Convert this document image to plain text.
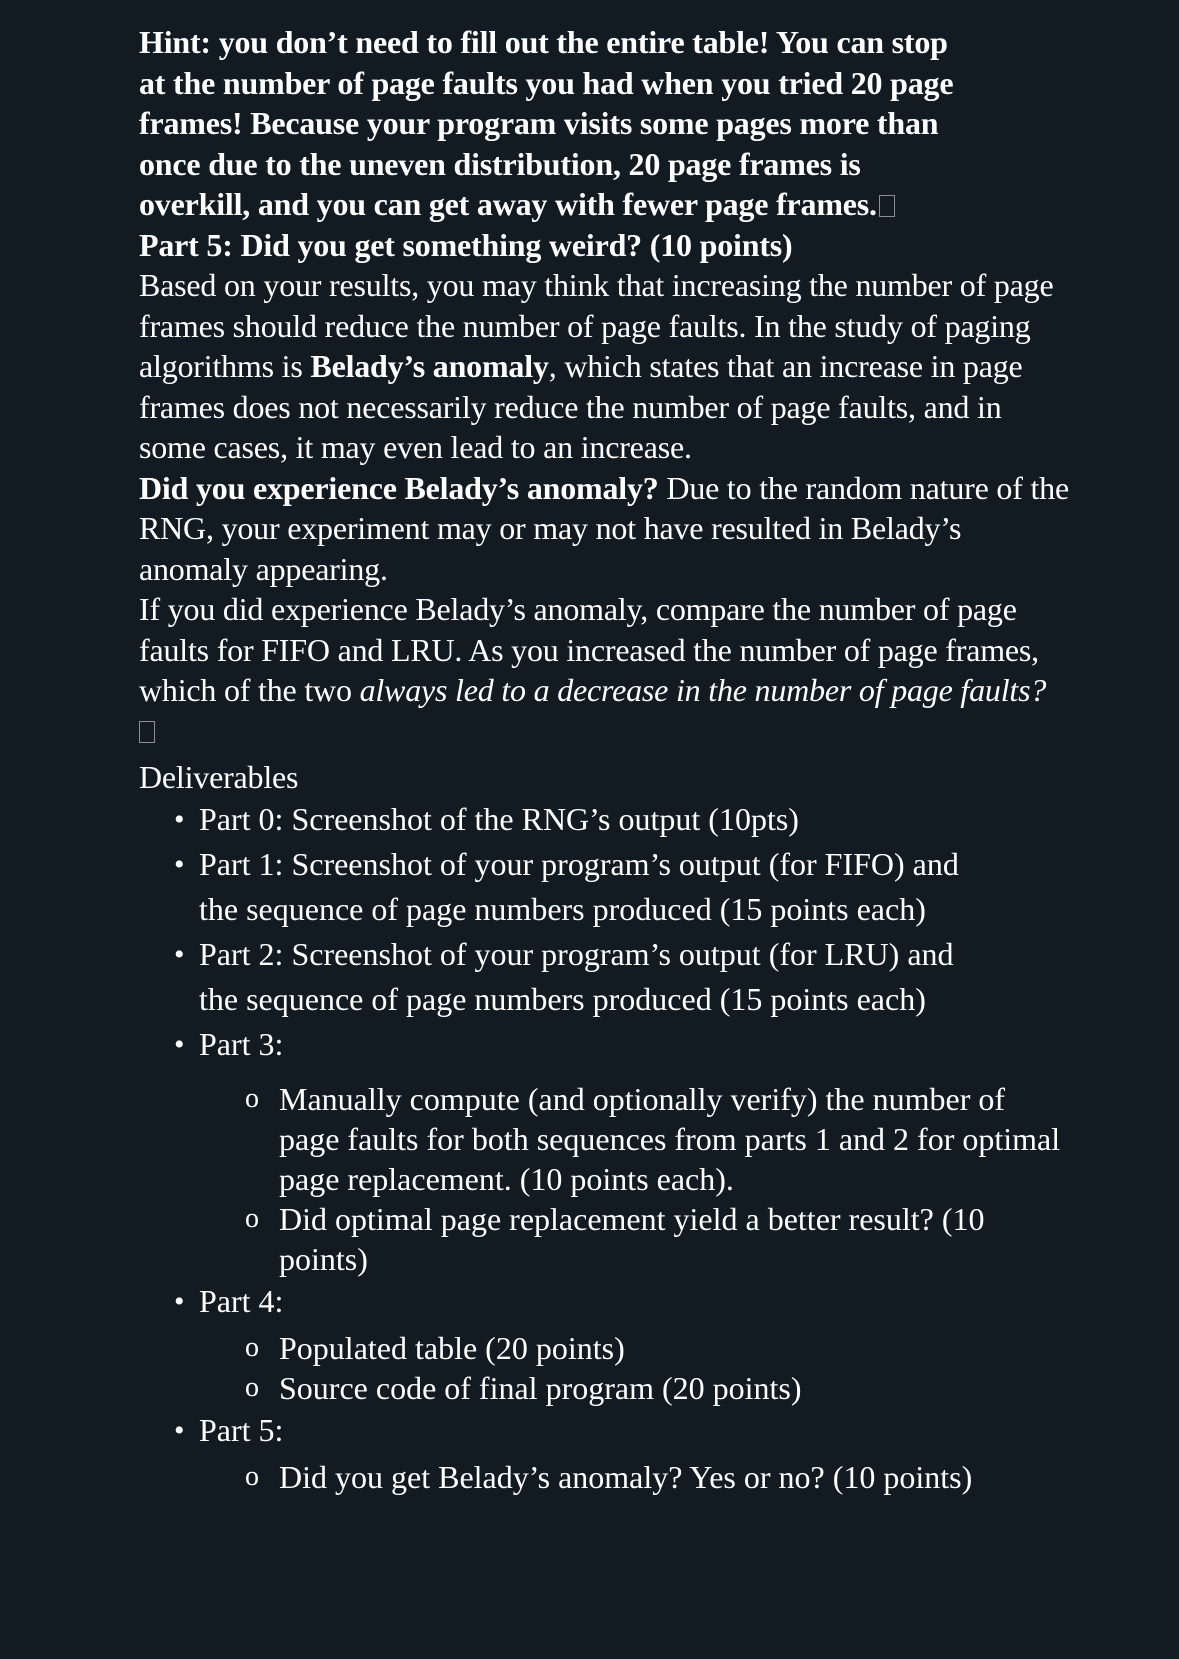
Hint: you don’t need to fill out the entire table! You can stop

at the number of page faults you had when you tried 20 page

frames! Because your program visits some pages more than

once due to the uneven distribution, 20 page frames is

overkill, and you can get away with fewer page frames.

Part 5: Did you get something weird? (10 points)

Based on your results, you may think that increasing the number of page frames should reduce the number of page faults. In the study of paging algorithms is Belady’s anomaly, which states that an increase in page frames does not necessarily reduce the number of page faults, and in some cases, it may even lead to an increase.

Did you experience Belady’s anomaly? Due to the random nature of the RNG, your experiment may or may not have resulted in Belady’s anomaly appearing.

If you did experience Belady’s anomaly, compare the number of page faults for FIFO and LRU. As you increased the number of page frames, which of the two always led to a decrease in the number of page faults?

Deliverables

• Part 0: Screenshot of the RNG’s output (10pts)
• Part 1: Screenshot of your program’s output (for FIFO) and
the sequence of page numbers produced (15 points each)
• Part 2: Screenshot of your program’s output (for LRU) and
the sequence of page numbers produced (15 points each)
• Part 3:
o Manually compute (and optionally verify) the number of page faults for both sequences from parts 1 and 2 for optimal page replacement. (10 points each).
o Did optimal page replacement yield a better result? (10 points)
• Part 4:
o Populated table (20 points)
o Source code of final program (20 points)
• Part 5:
o Did you get Belady’s anomaly? Yes or no? (10 points)
